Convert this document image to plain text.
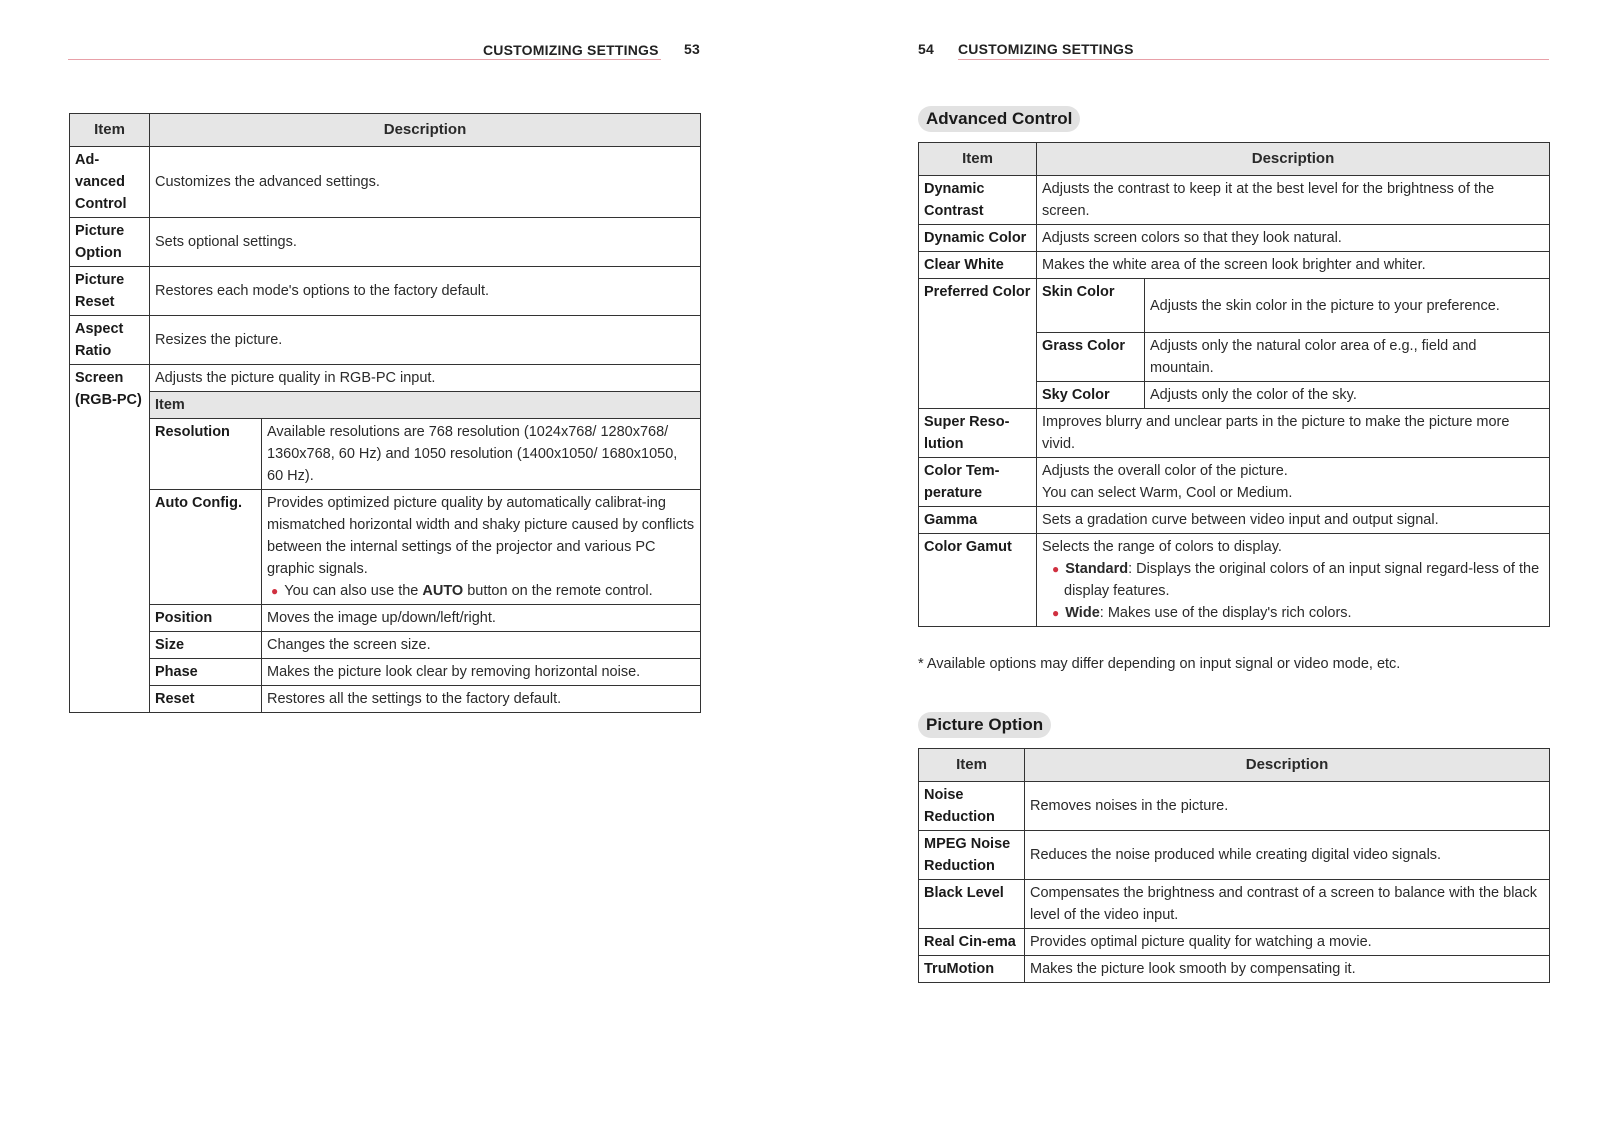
CUSTOMIZING SETTINGS 53
Item	Description	
Ad-vanced Control	Customizes the advanced settings.	
Picture Option	Sets optional settings.	
Picture Reset	Restores each mode's options to the factory default.	
Aspect Ratio	Resizes the picture.	
Screen (RGB-PC)	Adjusts the picture quality in RGB-PC input.	
	Item	
	Resolution	Available resolutions are 768 resolution (1024x768/ 1280x768/ 1360x768, 60 Hz) and 1050 resolution (1400x1050/ 1680x1050, 60 Hz).
	Auto Config.	Provides optimized picture quality by automatically calibrat-ing mismatched horizontal width and shaky picture caused by conflicts between the internal settings of the projector and various PC graphic signals.
● You can also use the AUTO button on the remote control.

	Position	Moves the image up/down/left/right.
	Size	Changes the screen size.
	Phase	Makes the picture look clear by removing horizontal noise.
	Reset	Restores all the settings to the factory default.
54 CUSTOMIZING SETTINGS
Advanced Control
Item	Description	
Dynamic Contrast	Adjusts the contrast to keep it at the best level for the brightness of the screen.	
Dynamic Color	Adjusts screen colors so that they look natural.	
Clear White	Makes the white area of the screen look brighter and whiter.	
Preferred Color	Skin Color	Adjusts the skin color in the picture to your preference.
	Grass Color	Adjusts only the natural color area of e.g., field and mountain.
	Sky Color	Adjusts only the color of the sky.
Super Reso-lution	Improves blurry and unclear parts in the picture to make the picture more vivid.	
Color Tem-perature	Adjusts the overall color of the picture.
You can select Warm, Cool or Medium.	

Gamma	Sets a gradation curve between video input and output signal.	
Color Gamut	Selects the range of colors to display.
● Standard: Displays the original colors of an input signal regard-less of the display features.
● Wide: Makes use of the display's rich colors.	
* Available options may differ depending on input signal or video mode, etc.
Picture Option
Item	Description
Noise Reduction	Removes noises in the picture.
MPEG Noise Reduction	Reduces the noise produced while creating digital video signals.
Black Level	Compensates the brightness and contrast of a screen to balance with the black level of the video input.
Real Cin-ema	Provides optimal picture quality for watching a movie.
TruMotion	Makes the picture look smooth by compensating it.
